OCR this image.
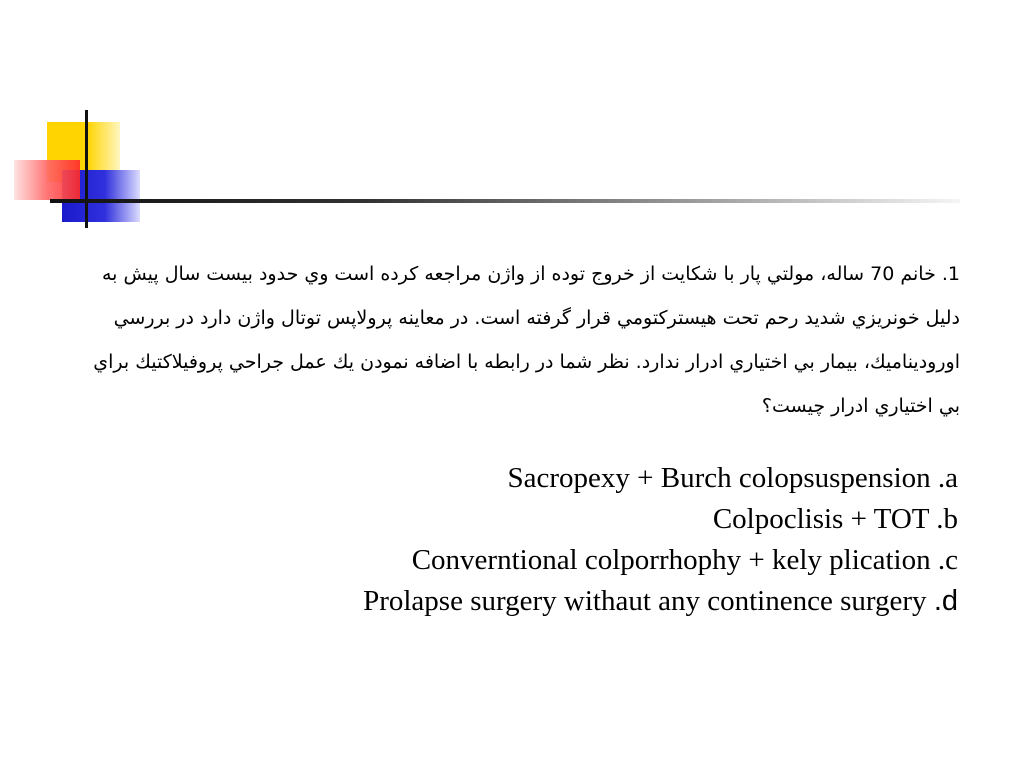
1. خانم 70 ساله، مولتي پار با شکايت از خروج توده از واژن مراجعه کرده است وي حدود بيست سال پيش به دليل خونريزي شديد رحم تحت هيسترکتومي قرار گرفته است. در معاينه پرولاپس توتال واژن دارد در بررسي اورودیناميك، بيمار بي اختياري ادرار ندارد. نظر شما در رابطه با اضافه نمودن يك عمل جراحي پروفيلاکتيك براي بي اختياري ادرار چيست؟
Sacropexy + Burch colopsuspension .a
Colpoclisis + TOT .b
Converntional colporrhophy + kely plication .c
Prolapse surgery withaut any continence surgery .d
